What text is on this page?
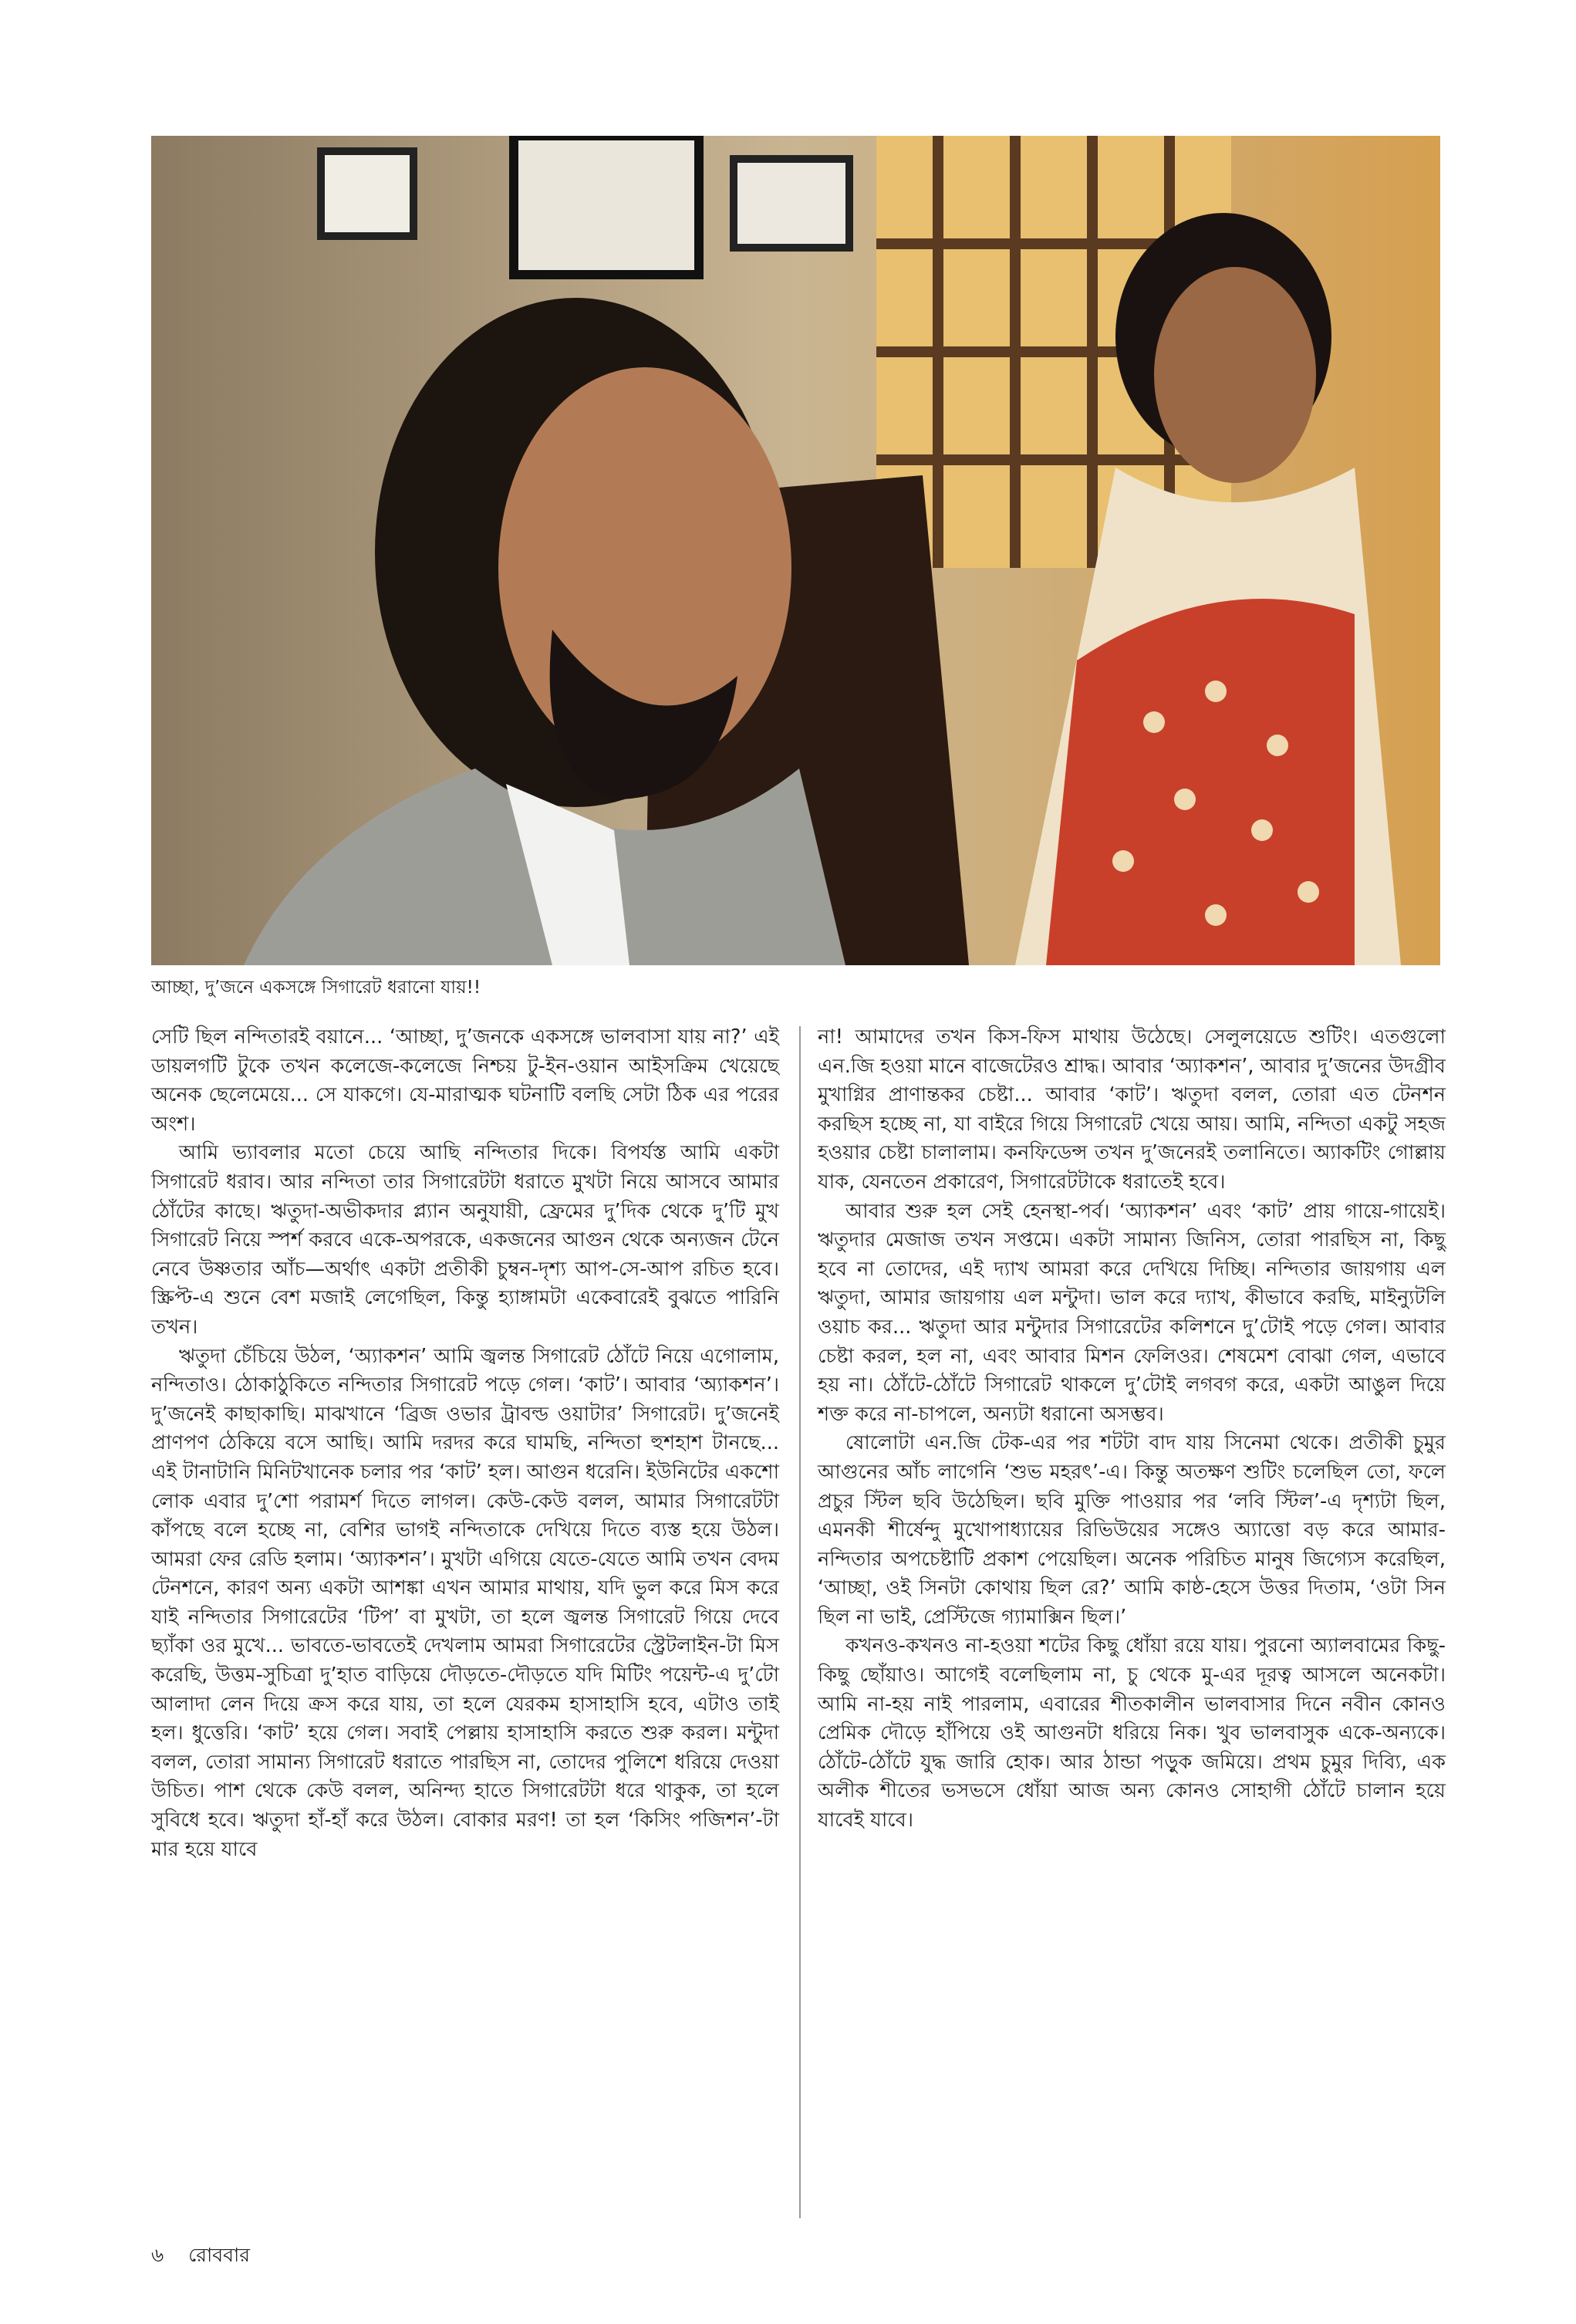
আচ্ছা, দু’জনে একসঙ্গে সিগারেট ধরানো যায়!!

সেটি ছিল নন্দিতারই বয়ানে... ‘আচ্ছা, দু’জনকে একসঙ্গে ভালবাসা যায় না?’ এই ডায়লগটি টুকে তখন কলেজে-কলেজে নিশ্চয় টু-ইন-ওয়ান আইসক্রিম খেয়েছে অনেক ছেলেমেয়ে... সে যাকগে। যে-মারাত্মক ঘটনাটি বলছি সেটা ঠিক এর পরের অংশ।

আমি ভ্যাবলার মতো চেয়ে আছি নন্দিতার দিকে। বিপর্যস্ত আমি একটা সিগারেট ধরাব। আর নন্দিতা তার সিগারেটটা ধরাতে মুখটা নিয়ে আসবে আমার ঠোঁটের কাছে। ঋতুদা-অভীকদার প্ল্যান অনুযায়ী, ফ্রেমের দু’দিক থেকে দু’টি মুখ সিগারেট নিয়ে স্পর্শ করবে একে-অপরকে, একজনের আগুন থেকে অন্যজন টেনে নেবে উষ্ণতার আঁচ—অর্থাৎ একটা প্রতীকী চুম্বন-দৃশ্য আপ-সে-আপ রচিত হবে। স্ক্রিপ্ট-এ শুনে বেশ মজাই লেগেছিল, কিন্তু হ্যাঙ্গামটা একেবারেই বুঝতে পারিনি তখন।

ঋতুদা চেঁচিয়ে উঠল, ‘অ্যাকশন’ আমি জ্বলন্ত সিগারেট ঠোঁটে নিয়ে এগোলাম, নন্দিতাও। ঠোকাঠুকিতে নন্দিতার সিগারেট পড়ে গেল। ‘কাট’। আবার ‘অ্যাকশন’। দু’জনেই কাছাকাছি। মাঝখানে ‘ব্রিজ ওভার ট্রাবল্ড ওয়াটার’ সিগারেট। দু’জনেই প্রাণপণ ঠেকিয়ে বসে আছি। আমি দরদর করে ঘামছি, নন্দিতা হুশহাশ টানছে... এই টানাটানি মিনিটখানেক চলার পর ‘কাট’ হল। আগুন ধরেনি। ইউনিটের একশো লোক এবার দু’শো পরামর্শ দিতে লাগল। কেউ-কেউ বলল, আমার সিগারেটটা কাঁপছে বলে হচ্ছে না, বেশির ভাগই নন্দিতাকে দেখিয়ে দিতে ব্যস্ত হয়ে উঠল। আমরা ফের রেডি হলাম। ‘অ্যাকশন’। মুখটা এগিয়ে যেতে-যেতে আমি তখন বেদম টেনশনে, কারণ অন্য একটা আশঙ্কা এখন আমার মাথায়, যদি ভুল করে মিস করে যাই নন্দিতার সিগারেটের ‘টিপ’ বা মুখটা, তা হলে জ্বলন্ত সিগারেট গিয়ে দেবে ছ্যাঁকা ওর মুখে... ভাবতে-ভাবতেই দেখলাম আমরা সিগারেটের স্ট্রেটলাইন-টা মিস করেছি, উত্তম-সুচিত্রা দু’হাত বাড়িয়ে দৌড়তে-দৌড়তে যদি মিটিং পয়েন্ট-এ দু’টো আলাদা লেন দিয়ে ক্রস করে যায়, তা হলে যেরকম হাসাহাসি হবে, এটাও তাই হল। ধুত্তেরি। ‘কাট’ হয়ে গেল। সবাই পেল্লায় হাসাহাসি করতে শুরু করল। মন্টুদা বলল, তোরা সামান্য সিগারেট ধরাতে পারছিস না, তোদের পুলিশে ধরিয়ে দেওয়া উচিত। পাশ থেকে কেউ বলল, অনিন্দ্য হাতে সিগারেটটা ধরে থাকুক, তা হলে সুবিধে হবে। ঋতুদা হাঁ-হাঁ করে উঠল। বোকার মরণ! তা হল ‘কিসিং পজিশন’-টা মার হয়ে যাবে

না! আমাদের তখন কিস-ফিস মাথায় উঠেছে। সেলুলয়েডে শুটিং। এতগুলো এন.জি হওয়া মানে বাজেটেরও শ্রাদ্ধ। আবার ‘অ্যাকশন’, আবার দু’জনের উদগ্রীব মুখাগ্নির প্রাণান্তকর চেষ্টা... আবার ‘কাট’। ঋতুদা বলল, তোরা এত টেনশন করছিস হচ্ছে না, যা বাইরে গিয়ে সিগারেট খেয়ে আয়। আমি, নন্দিতা একটু সহজ হওয়ার চেষ্টা চালালাম। কনফিডেন্স তখন দু’জনেরই তলানিতে। অ্যাকটিং গোল্লায় যাক, যেনতেন প্রকারেণ, সিগারেটটাকে ধরাতেই হবে।

আবার শুরু হল সেই হেনস্থা-পর্ব। ‘অ্যাকশন’ এবং ‘কাট’ প্রায় গায়ে-গায়েই। ঋতুদার মেজাজ তখন সপ্তমে। একটা সামান্য জিনিস, তোরা পারছিস না, কিছু হবে না তোদের, এই দ্যাখ আমরা করে দেখিয়ে দিচ্ছি। নন্দিতার জায়গায় এল ঋতুদা, আমার জায়গায় এল মন্টুদা। ভাল করে দ্যাখ, কীভাবে করছি, মাইন্যুটলি ওয়াচ কর... ঋতুদা আর মন্টুদার সিগারেটের কলিশনে দু’টোই পড়ে গেল। আবার চেষ্টা করল, হল না, এবং আবার মিশন ফেলিওর। শেষমেশ বোঝা গেল, এভাবে হয় না। ঠোঁটে-ঠোঁটে সিগারেট থাকলে দু’টোই লগবগ করে, একটা আঙুল দিয়ে শক্ত করে না-চাপলে, অন্যটা ধরানো অসম্ভব।

ষোলোটা এন.জি টেক-এর পর শটটা বাদ যায় সিনেমা থেকে। প্রতীকী চুমুর আগুনের আঁচ লাগেনি ‘শুভ মহরৎ’-এ। কিন্তু অতক্ষণ শুটিং চলেছিল তো, ফলে প্রচুর স্টিল ছবি উঠেছিল। ছবি মুক্তি পাওয়ার পর ‘লবি স্টিল’-এ দৃশ্যটা ছিল, এমনকী শীর্ষেন্দু মুখোপাধ্যায়ের রিভিউয়ের সঙ্গেও অ্যাত্তো বড় করে আমার-নন্দিতার অপচেষ্টাটি প্রকাশ পেয়েছিল। অনেক পরিচিত মানুষ জিগ্যেস করেছিল, ‘আচ্ছা, ওই সিনটা কোথায় ছিল রে?’ আমি কাষ্ঠ-হেসে উত্তর দিতাম, ‘ওটা সিন ছিল না ভাই, প্রেস্টিজে গ্যামাক্সিন ছিল।’

কখনও-কখনও না-হওয়া শটের কিছু ধোঁয়া রয়ে যায়। পুরনো অ্যালবামের কিছু-কিছু ছোঁয়াও। আগেই বলেছিলাম না, চু থেকে মু-এর দূরত্ব আসলে অনেকটা। আমি না-হয় নাই পারলাম, এবারের শীতকালীন ভালবাসার দিনে নবীন কোনও প্রেমিক দৌড়ে হাঁপিয়ে ওই আগুনটা ধরিয়ে নিক। খুব ভালবাসুক একে-অন্যকে। ঠোঁটে-ঠোঁটে যুদ্ধ জারি হোক। আর ঠান্ডা পড়ুক জমিয়ে। প্রথম চুমুর দিব্যি, এক অলীক শীতের ভসভসে ধোঁয়া আজ অন্য কোনও সোহাগী ঠোঁটে চালান হয়ে যাবেই যাবে।

৬ রোববার
